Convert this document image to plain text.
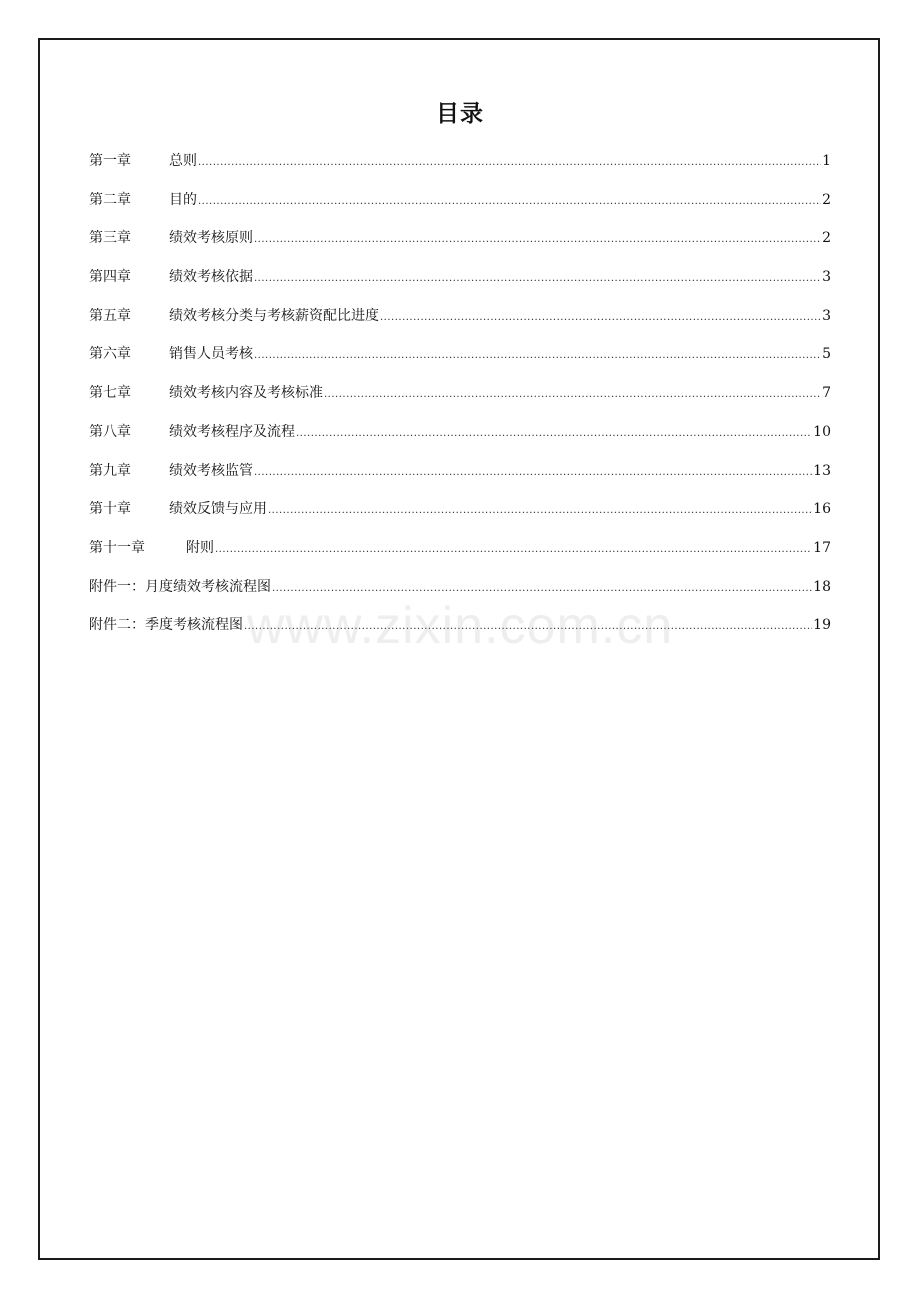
目录
第一章	总则 .....	1
第二章	目的 .....	2
第三章	绩效考核原则 .....	2
第四章	绩效考核依据 .....	3
第五章	绩效考核分类与考核薪资配比进度 .....	3
第六章	销售人员考核 .....	5
第七章	绩效考核内容及考核标准 .....	7
第八章	绩效考核程序及流程 .....	10
第九章	绩效考核监管 .....	13
第十章	绩效反馈与应用 .....	16
第十一章	附则 .....	17
附件一： 月度绩效考核流程图 .....	18
附件二： 季度考核流程图 .....	19
www.zixin.com.cn
